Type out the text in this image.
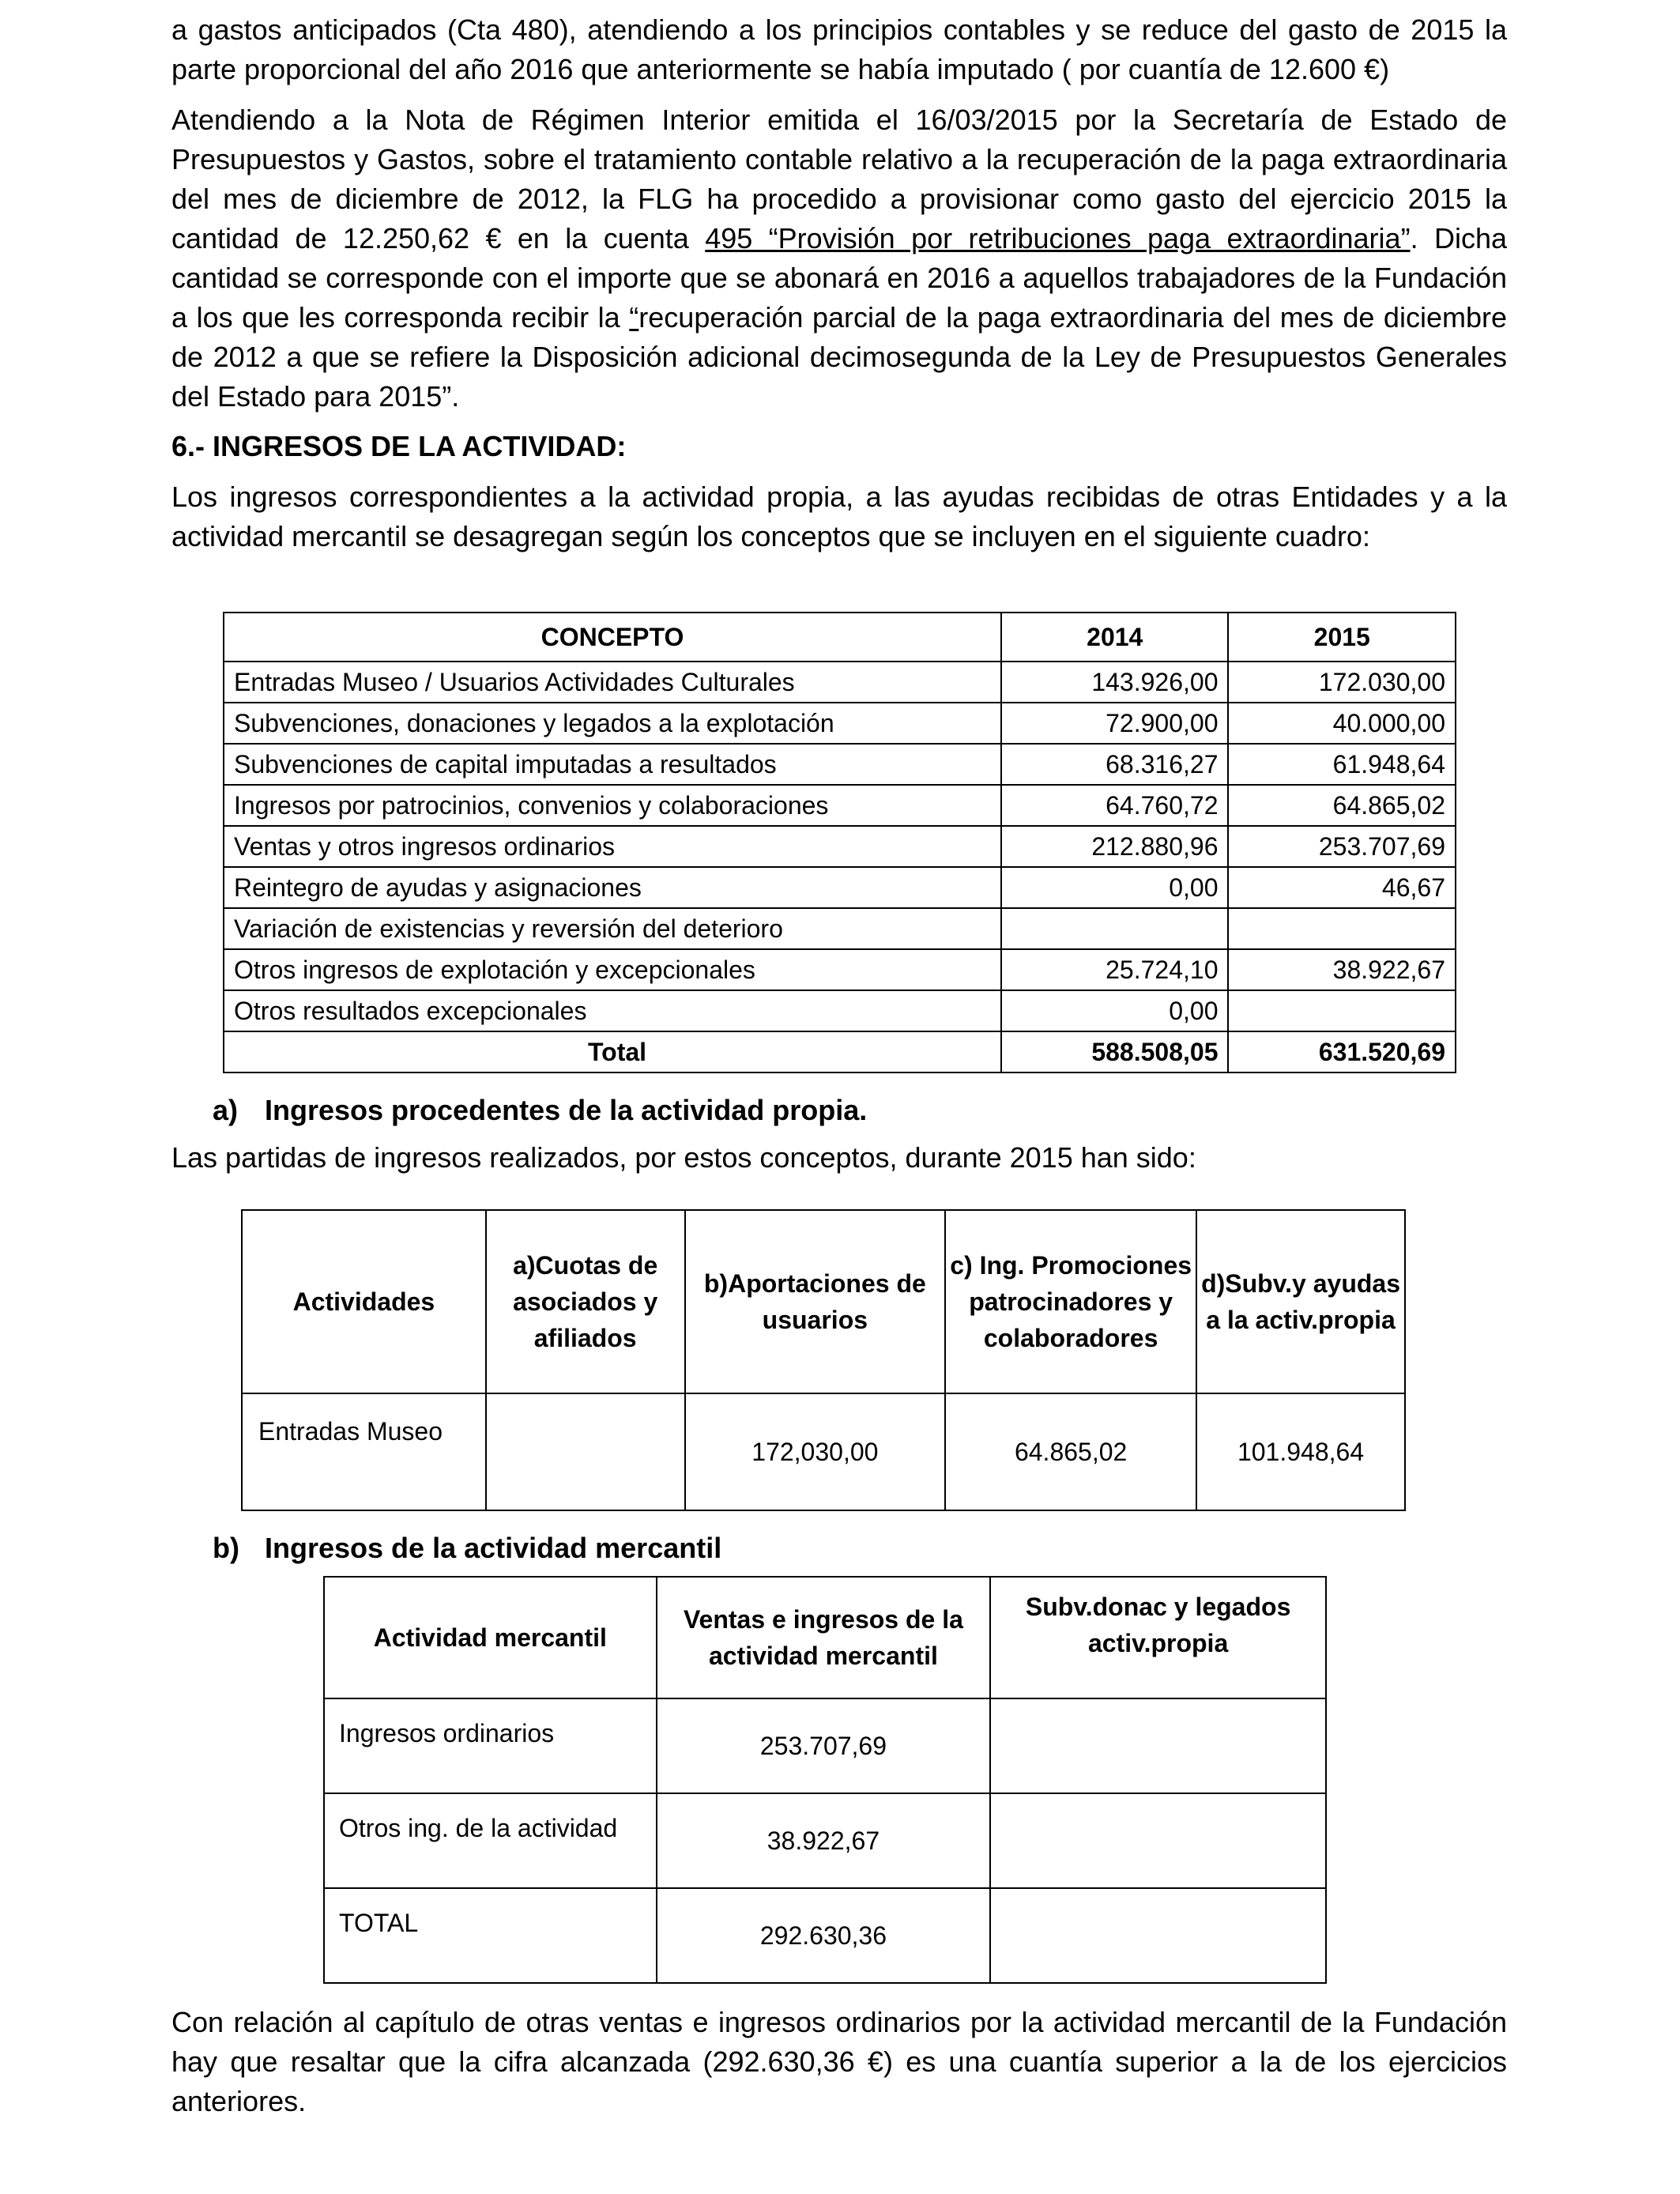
a gastos anticipados (Cta 480), atendiendo a los principios contables y se reduce del gasto de 2015 la parte proporcional del año 2016 que anteriormente se había imputado ( por cuantía de 12.600 €)

Atendiendo a la Nota de Régimen Interior emitida el 16/03/2015 por la Secretaría de Estado de Presupuestos y Gastos, sobre el tratamiento contable relativo a la recuperación de la paga extraordinaria del mes de diciembre de 2012, la FLG ha procedido a provisionar como gasto del ejercicio 2015 la cantidad de 12.250,62 € en la cuenta 495 “Provisión por retribuciones paga extraordinaria”. Dicha cantidad se corresponde con el importe que se abonará en 2016 a aquellos trabajadores de la Fundación a los que les corresponda recibir la “recuperación parcial de la paga extraordinaria del mes de diciembre de 2012 a que se refiere la Disposición adicional decimosegunda de la Ley de Presupuestos Generales del Estado para 2015”.

6.- INGRESOS DE LA ACTIVIDAD:

Los ingresos correspondientes a la actividad propia, a las ayudas recibidas de otras Entidades y a la actividad mercantil se desagregan según los conceptos que se incluyen en el siguiente cuadro:

CONCEPTO	2014	2015
Entradas Museo / Usuarios Actividades Culturales	143.926,00	172.030,00
Subvenciones, donaciones y legados a la explotación	72.900,00	40.000,00
Subvenciones de capital imputadas a resultados	68.316,27	61.948,64
Ingresos por patrocinios, convenios y colaboraciones	64.760,72	64.865,02
Ventas y otros ingresos ordinarios	212.880,96	253.707,69
Reintegro de ayudas y asignaciones	0,00	46,67
Variación de existencias y reversión del deterioro		
Otros ingresos de explotación y excepcionales	25.724,10	38.922,67
Otros resultados excepcionales	0,00	
Total	588.508,05	631.520,69
a) Ingresos procedentes de la actividad propia.

Las partidas de ingresos realizados, por estos conceptos, durante 2015 han sido:

Actividades	a)Cuotas de asociados y afiliados	b)Aportaciones de usuarios	c) Ing. Promociones patrocinadores y colaboradores	d)Subv.y ayudas a la activ.propia
Entradas Museo		172,030,00	64.865,02	101.948,64
b) Ingresos de la actividad mercantil
Actividad mercantil	Ventas e ingresos de la actividad mercantil	Subv.donac y legados activ.propia
Ingresos ordinarios	253.707,69	
Otros ing. de la actividad	38.922,67	
TOTAL	292.630,36	

Con relación al capítulo de otras ventas e ingresos ordinarios por la actividad mercantil de la Fundación hay que resaltar que la cifra alcanzada (292.630,36 €) es una cuantía superior a la de los ejercicios anteriores.
